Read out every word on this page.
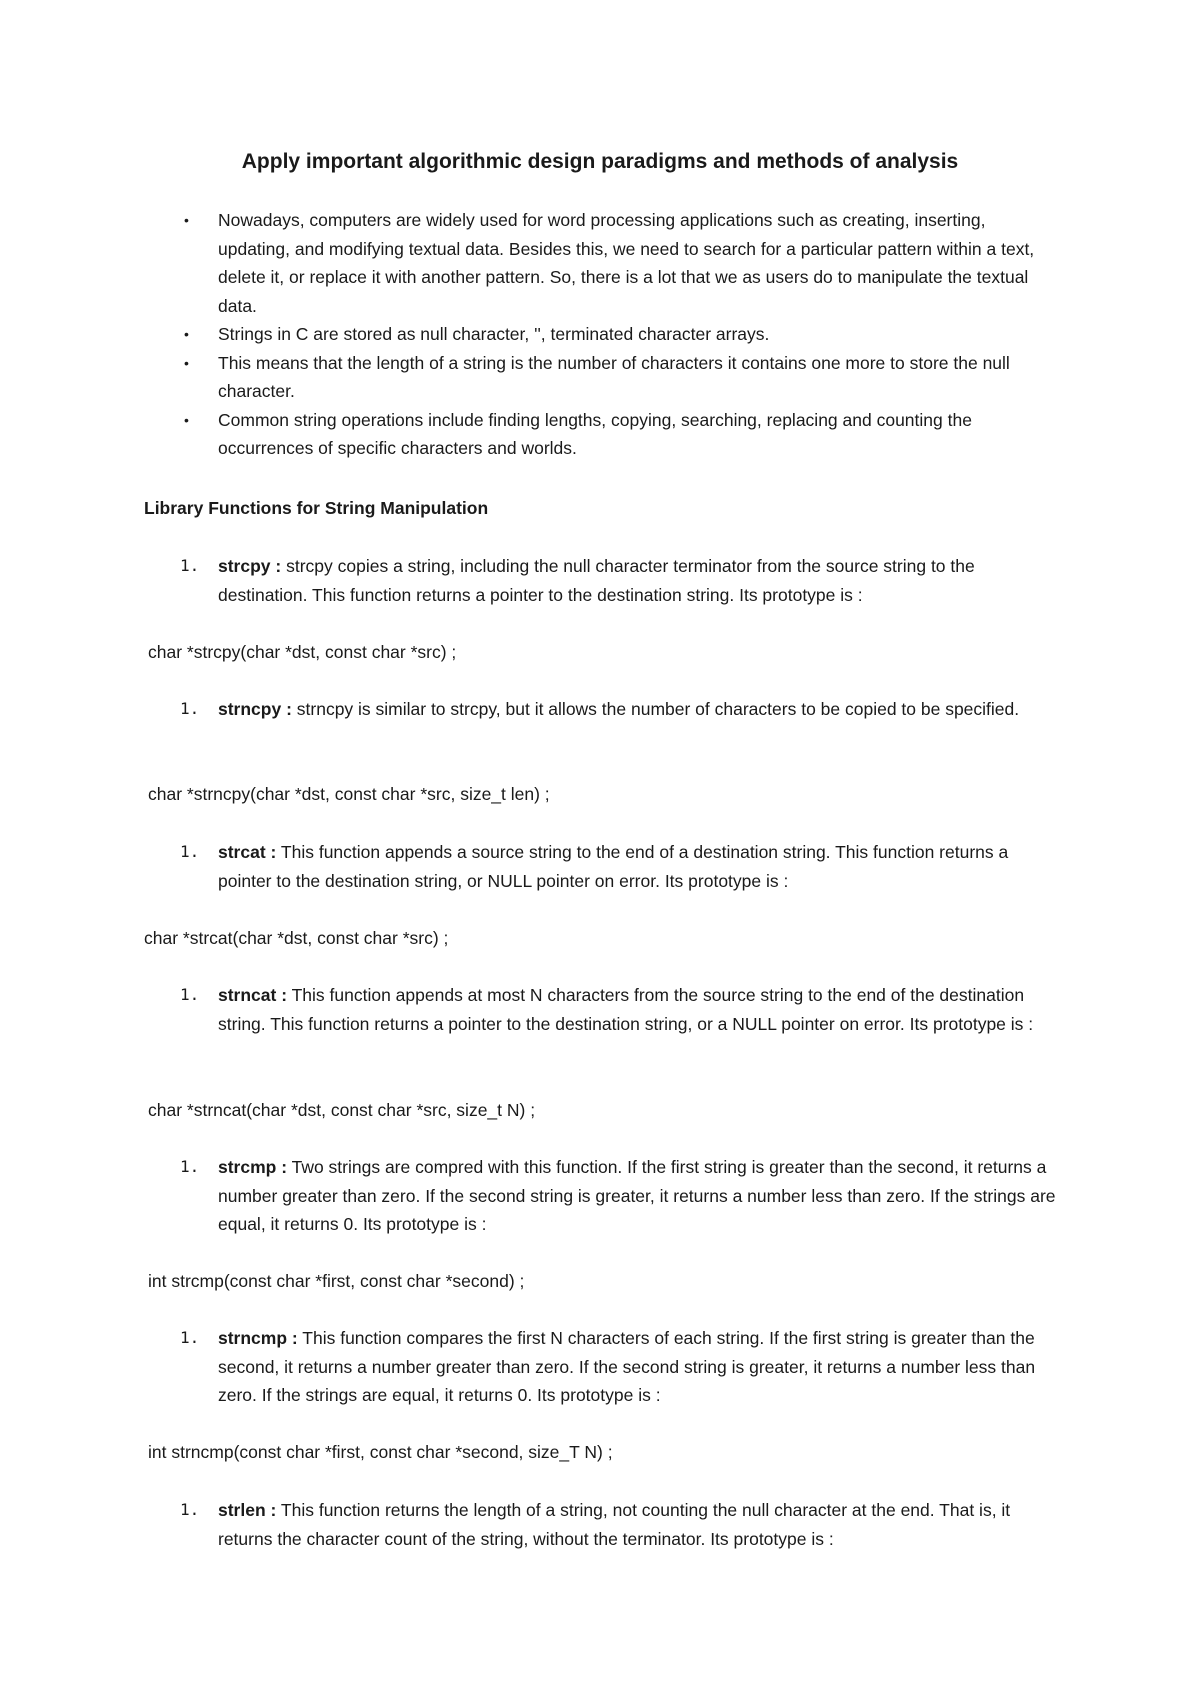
Apply important algorithmic design paradigms and methods of analysis
• Nowadays, computers are widely used for word processing applications such as creating, inserting, updating, and modifying textual data. Besides this, we need to search for a particular pattern within a text, delete it, or replace it with another pattern. So, there is a lot that we as users do to manipulate the textual data.
• Strings in C are stored as null character, '', terminated character arrays.
• This means that the length of a string is the number of characters it contains one more to store the null character.
• Common string operations include finding lengths, copying, searching, replacing and counting the occurrences of specific characters and worlds.
Library Functions for String Manipulation
1. strcpy : strcpy copies a string, including the null character terminator from the source string to the destination. This function returns a pointer to the destination string. Its prototype is :
char *strcpy(char *dst, const char *src) ;
1. strncpy : strncpy is similar to strcpy, but it allows the number of characters to be copied to be specified.
char *strncpy(char *dst, const char *src, size_t len) ;
1. strcat : This function appends a source string to the end of a destination string. This function returns a pointer to the destination string, or NULL pointer on error. Its prototype is :
char *strcat(char *dst, const char *src) ;
1. strncat : This function appends at most N characters from the source string to the end of the destination string. This function returns a pointer to the destination string, or a NULL pointer on error. Its prototype is :
char *strncat(char *dst, const char *src, size_t N) ;
1. strcmp : Two strings are compred with this function. If the first string is greater than the second, it returns a number greater than zero. If the second string is greater, it returns a number less than zero. If the strings are equal, it returns 0. Its prototype is :
int strcmp(const char *first, const char *second) ;
1. strncmp : This function compares the first N characters of each string. If the first string is greater than the second, it returns a number greater than zero. If the second string is greater, it returns a number less than zero. If the strings are equal, it returns 0. Its prototype is :
int strncmp(const char *first, const char *second, size_T N) ;
1. strlen : This function returns the length of a string, not counting the null character at the end. That is, it returns the character count of the string, without the terminator. Its prototype is :
